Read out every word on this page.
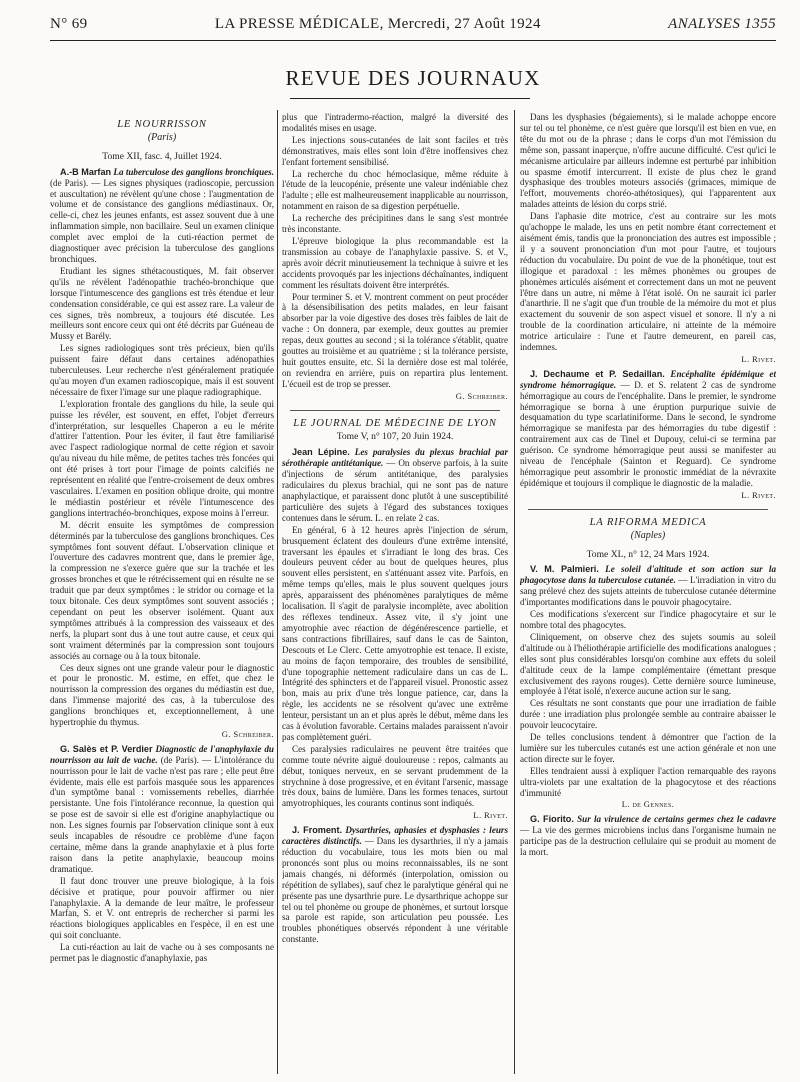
N° 69	LA PRESSE MÉDICALE, Mercredi, 27 Août 1924	ANALYSES 1355
REVUE DES JOURNAUX
LE NOURRISSON
(Paris)
Tome XII, fasc. 4, Juillet 1924.

A.-B Marfan La tuberculose des ganglions bronchiques. (de Paris). — Les signes physiques (radioscopie, percussion et auscultation) ne révèlent qu'une chose : l'augmentation de volume et de consistance des ganglions médiastinaux. Or, celle-ci, chez les jeunes enfants, est assez souvent due à une inflammation simple, non bacillaire. Seul un examen clinique complet avec emploi de la cuti-réaction permet de diagnostiquer avec précision la tuberculose des ganglions bronchiques.

Etudiant les signes sthétacoustiques, M. fait observer qu'ils ne révèlent l'adénopathie trachéo-bronchique que lorsque l'intumescence des ganglions est très étendue et leur condensation considérable, ce qui est assez rare. La valeur de ces signes, très nombreux, a toujours été discutée. Les meilleurs sont encore ceux qui ont été décrits par Guéneau de Mussy et Barély.

Les signes radiologiques sont très précieux, bien qu'ils puissent faire défaut dans certaines adénopathies tuberculeuses. Leur recherche n'est généralement pratiquée qu'au moyen d'un examen radioscopique, mais il est souvent nécessaire de fixer l'image sur une plaque radiographique.

L'exploration frontale des ganglions du hile, la seule qui puisse les révéler, est souvent, en effet, l'objet d'erreurs d'interprétation, sur lesquelles Chaperon a eu le mérite d'attirer l'attention. Pour les éviter, il faut être familiarisé avec l'aspect radiologique normal de cette région et savoir qu'au niveau du hile même, de petites taches très foncées qui ont été prises à tort pour l'image de points calcifiés ne représentent en réalité que l'entre-croisement de deux ombres vasculaires. L'examen en position oblique droite, qui montre le médiastin postérieur et révèle l'intumescence des ganglions intertrachéo-bronchiques, expose moins à l'erreur.

M. décrit ensuite les symptômes de compression déterminés par la tuberculose des ganglions bronchiques. Ces symptômes font souvent défaut. L'observation clinique et l'ouverture des cadavres montrent que, dans le premier âge, la compression ne s'exerce guère que sur la trachée et les grosses bronches et que le rétrécissement qui en résulte ne se traduit que par deux symptômes : le stridor ou cornage et la toux bitonale. Ces deux symptômes sont souvent associés ; cependant on peut les observer isolément. Quant aux symptômes attribués à la compression des vaisseaux et des nerfs, la plupart sont dus à une tout autre cause, et ceux qui sont vraiment déterminés par la compression sont toujours associés au cornage ou à la toux bitonale.

Ces deux signes ont une grande valeur pour le diagnostic et pour le pronostic. M. estime, en effet, que chez le nourrisson la compression des organes du médiastin est due, dans l'immense majorité des cas, à la tuberculose des ganglions bronchiques et, exceptionnellement, à une hypertrophie du thymus.

G. Schreiber.

G. Salès et P. Verdier Diagnostic de l'anaphylaxie du nourrisson au lait de vache. (de Paris). — L'intolérance du nourrisson pour le lait de vache n'est pas rare ; elle peut être évidente, mais elle est parfois masquée sous les apparences d'un symptôme banal : vomissements rebelles, diarrhée persistante. Une fois l'intolérance reconnue, la question qui se pose est de savoir si elle est d'origine anaphylactique ou non. Les signes fournis par l'observation clinique sont à eux seuls incapables de résoudre ce problème d'une façon certaine, même dans la grande anaphylaxie et à plus forte raison dans la petite anaphylaxie, beaucoup moins dramatique.

Il faut donc trouver une preuve biologique, à la fois décisive et pratique, pour pouvoir affirmer ou nier l'anaphylaxie. A la demande de leur maître, le professeur Marfan, S. et V. ont entrepris de rechercher si parmi les réactions biologiques applicables en l'espèce, il en est une qui soit concluante.

La cuti-réaction au lait de vache ou à ses composants ne permet pas le diagnostic d'anaphylaxie, pas

plus que l'intradermo-réaction, malgré la diversité des modalités mises en usage.

Les injections sous-cutanées de lait sont faciles et très démonstratives, mais elles sont loin d'être inoffensives chez l'enfant fortement sensibilisé.

La recherche du choc hémoclasique, même réduite à l'étude de la leucopénie, présente une valeur indéniable chez l'adulte ; elle est malheureusement inapplicable au nourrisson, notamment en raison de sa digestion perpétuelle.

La recherche des précipitines dans le sang s'est montrée très inconstante.

L'épreuve biologique la plus recommandable est la transmission au cobaye de l'anaphylaxie passive. S. et V., après avoir décrit minutieusement la technique à suivre et les accidents provoqués par les injections déchaînantes, indiquent comment les résultats doivent être interprétés.

Pour terminer S. et V. montrent comment on peut procéder à la désensibilisation des petits malades, en leur faisant absorber par la voie digestive des doses très faibles de lait de vache : On donnera, par exemple, deux gouttes au premier repas, deux gouttes au second ; si la tolérance s'établit, quatre gouttes au troisième et au quatrième ; si la tolérance persiste, huit gouttes ensuite, etc. Si la dernière dose est mal tolérée, on reviendra en arrière, puis on repartira plus lentement. L'écueil est de trop se presser.

G. Schreiber.
LE JOURNAL DE MÉDECINE DE LYON
Tome V, n° 107, 20 Juin 1924.

Jean Lépine. Les paralysies du plexus brachial par sérothérapie antitétanique. — On observe parfois, à la suite d'injections de sérum antitétanique, des paralysies radiculaires du plexus brachial, qui ne sont pas de nature anaphylactique, et paraissent donc plutôt à une susceptibilité particulière des sujets à l'égard des substances toxiques contenues dans le sérum. L. en relate 2 cas.

En général, 6 à 12 heures après l'injection de sérum, brusquement éclatent des douleurs d'une extrême intensité, traversant les épaules et s'irradiant le long des bras. Ces douleurs peuvent céder au bout de quelques heures, plus souvent elles persistent, en s'atténuant assez vite. Parfois, en même temps qu'elles, mais le plus souvent quelques jours après, apparaissent des phénomènes paralytiques de même localisation. Il s'agit de paralysie incomplète, avec abolition des réflexes tendineux. Assez vite, il s'y joint une amyotrophie avec réaction de dégénérescence partielle, et sans contractions fibrillaires, sauf dans le cas de Sainton, Descouts et Le Clerc. Cette amyotrophie est tenace. Il existe, au moins de façon temporaire, des troubles de sensibilité, d'une topographie nettement radiculaire dans un cas de L. Intégrité des sphincters et de l'appareil visuel. Pronostic assez bon, mais au prix d'une très longue patience, car, dans la règle, les accidents ne se résolvent qu'avec une extrême lenteur, persistant un an et plus après le début, même dans les cas à évolution favorable. Certains malades paraissent n'avoir pas complètement guéri.

Ces paralysies radiculaires ne peuvent être traitées que comme toute névrite aiguë douloureuse : repos, calmants au début, toniques nerveux, en se servant prudemment de la strychnine à dose progressive, et en évitant l'arsenic, massage très doux, bains de lumière. Dans les formes tenaces, surtout amyotrophiques, les courants continus sont indiqués.

L. Rivet.

J. Froment. Dysarthries, aphasies et dysphasies : leurs caractères distinctifs. — Dans les dysarthries, il n'y a jamais réduction du vocabulaire, tous les mots bien ou mal prononcés sont plus ou moins reconnaissables, ils ne sont jamais changés, ni déformés (interpolation, omission ou répétition de syllabes), sauf chez le paralytique général qui ne présente pas une dysarthrie pure. Le dysarthrique achoppe sur tel ou tel phonème ou groupe de phonèmes, et surtout lorsque sa parole est rapide, son articulation peu poussée. Les troubles phonétiques observés répondent à une véritable constante.

Dans les dysphasies (bégaiements), si le malade achoppe encore sur tel ou tel phonème, ce n'est guère que lorsqu'il est bien en vue, en tête du mot ou de la phrase ; dans le corps d'un mot l'émission du même son, passant inaperçue, n'offre aucune difficulté. C'est qu'ici le mécanisme articulaire par ailleurs indemne est perturbé par inhibition ou spasme émotif intercurrent. Il existe de plus chez le grand dysphasique des troubles moteurs associés (grimaces, mimique de l'effort, mouvements choréo-athétosiques), qui l'apparentent aux malades atteints de lésion du corps strié.

Dans l'aphasie dite motrice, c'est au contraire sur les mots qu'achoppe le malade, les uns en petit nombre étant correctement et aisément émis, tandis que la prononciation des autres est impossible ; il y a souvent prononciation d'un mot pour l'autre, et toujours réduction du vocabulaire. Du point de vue de la phonétique, tout est illogique et paradoxal : les mêmes phonèmes ou groupes de phonèmes articulés aisément et correctement dans un mot ne peuvent l'être dans un autre, ni même à l'état isolé. On ne saurait ici parler d'anarthrie. Il ne s'agit que d'un trouble de la mémoire du mot et plus exactement du souvenir de son aspect visuel et sonore. Il n'y a ni trouble de la coordination articulaire, ni atteinte de la mémoire motrice articulaire : l'une et l'autre demeurent, en pareil cas, indemnes.

L. Rivet.

J. Dechaume et P. Sedaillan. Encéphalite épidémique et syndrome hémorragique. — D. et S. relatent 2 cas de syndrome hémorragique au cours de l'encéphalite. Dans le premier, le syndrome hémorragique se borna à une éruption purpurique suivie de desquamation du type scarlatiniforme. Dans le second, le syndrome hémorragique se manifesta par des hémorragies du tube digestif : contrairement aux cas de Tinel et Dupouy, celui-ci se termina par guérison. Ce syndrome hémorragique peut aussi se manifester au niveau de l'encéphale (Sainton et Reguard). Ce syndrome hémorragique peut assombrir le pronostic immédiat de la névraxite épidémique et toujours il complique le diagnostic de la maladie.

L. Rivet.
LA RIFORMA MEDICA
(Naples)
Tome XL, n° 12, 24 Mars 1924.

V. M. Palmieri. Le soleil d'altitude et son action sur la phagocytose dans la tuberculose cutanée. — L'irradiation in vitro du sang prélevé chez des sujets atteints de tuberculose cutanée détermine d'importantes modifications dans le pouvoir phagocytaire.

Ces modifications s'exercent sur l'indice phagocytaire et sur le nombre total des phagocytes.

Cliniquement, on observe chez des sujets soumis au soleil d'altitude ou à l'héliothérapie artificielle des modifications analogues ; elles sont plus considérables lorsqu'on combine aux effets du soleil d'altitude ceux de la lampe complémentaire (émettant presque exclusivement des rayons rouges). Cette dernière source lumineuse, employée à l'état isolé, n'exerce aucune action sur le sang.

Ces résultats ne sont constants que pour une irradiation de faible durée : une irradiation plus prolongée semble au contraire abaisser le pouvoir leucocytaire.

De telles conclusions tendent à démontrer que l'action de la lumière sur les tubercules cutanés est une action générale et non une action directe sur le foyer.

Elles tendraient aussi à expliquer l'action remarquable des rayons ultra-violets par une exaltation de la phagocytose et des réactions d'immunité

L. de Gennes.

G. Fiorito. Sur la virulence de certains germes chez le cadavre — La vie des germes microbiens inclus dans l'organisme humain ne participe pas de la destruction cellulaire qui se produit au moment de la mort.
